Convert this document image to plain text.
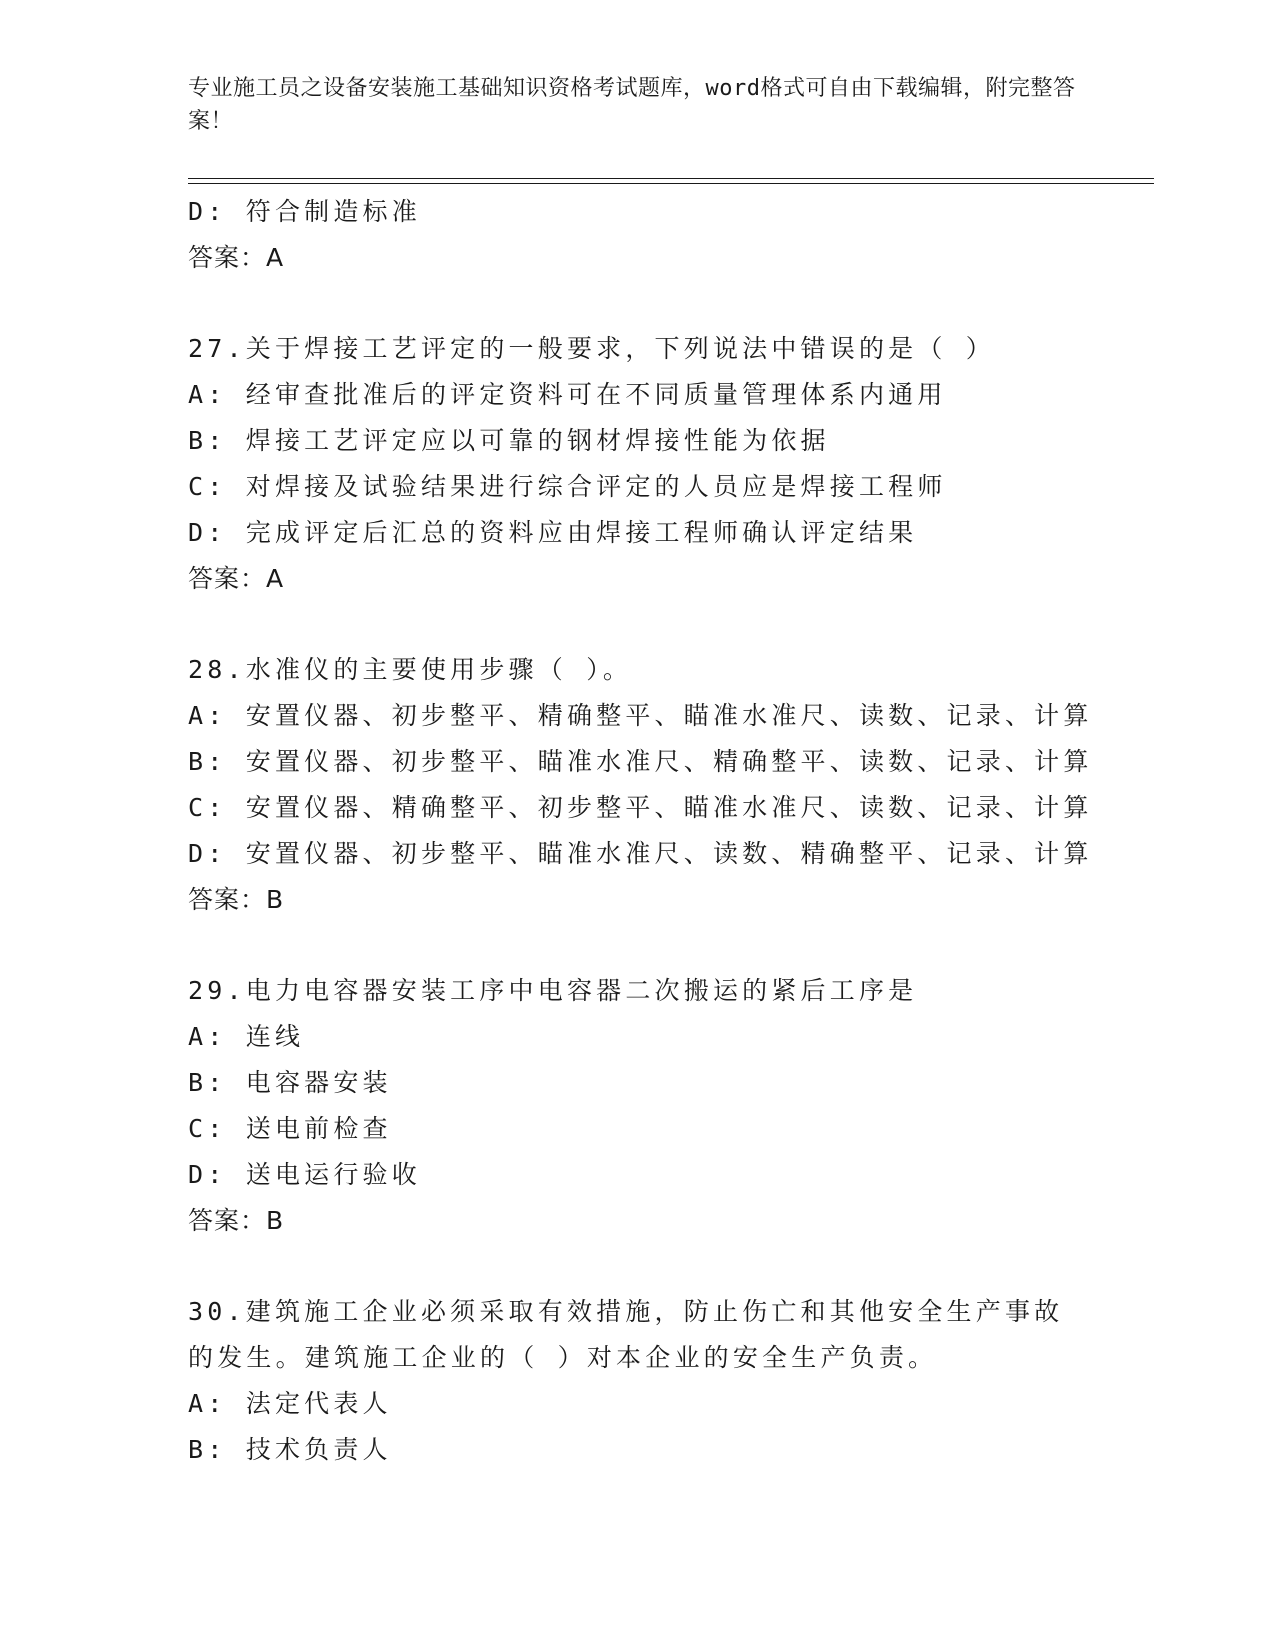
专业施工员之设备安装施工基础知识资格考试题库，word格式可自由下载编辑，附完整答案！
D: 符合制造标准
答案：A
27.关于焊接工艺评定的一般要求，下列说法中错误的是（ ）
A: 经审查批准后的评定资料可在不同质量管理体系内通用
B: 焊接工艺评定应以可靠的钢材焊接性能为依据
C: 对焊接及试验结果进行综合评定的人员应是焊接工程师
D: 完成评定后汇总的资料应由焊接工程师确认评定结果
答案：A
28.水准仪的主要使用步骤（ ）。
A: 安置仪器、初步整平、精确整平、瞄准水准尺、读数、记录、计算
B: 安置仪器、初步整平、瞄准水准尺、精确整平、读数、记录、计算
C: 安置仪器、精确整平、初步整平、瞄准水准尺、读数、记录、计算
D: 安置仪器、初步整平、瞄准水准尺、读数、精确整平、记录、计算
答案：B
29.电力电容器安装工序中电容器二次搬运的紧后工序是
A: 连线
B: 电容器安装
C: 送电前检查
D: 送电运行验收
答案：B
30.建筑施工企业必须采取有效措施，防止伤亡和其他安全生产事故的发生。建筑施工企业的（ ）对本企业的安全生产负责。
A: 法定代表人
B: 技术负责人
